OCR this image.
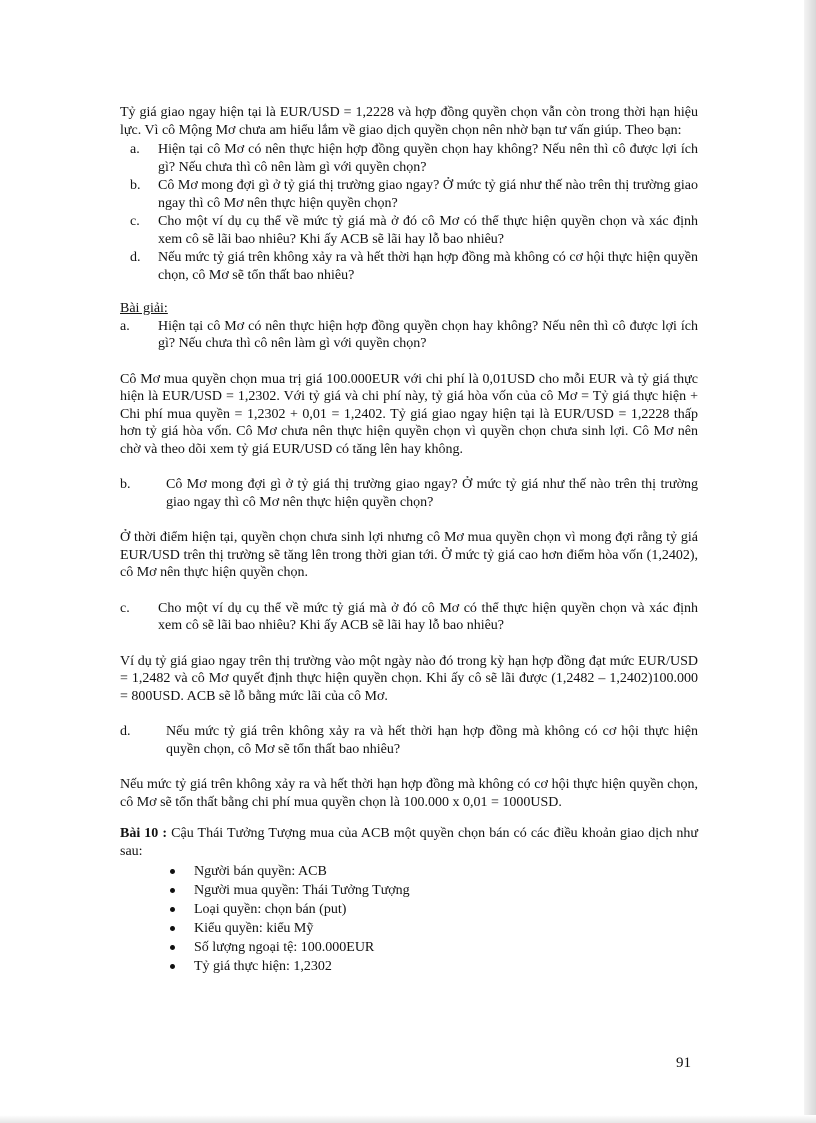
Tỷ giá giao ngay hiện tại là EUR/USD = 1,2228 và hợp đồng quyền chọn vẫn còn trong thời hạn hiệu lực. Vì cô Mộng Mơ chưa am hiểu lắm về giao dịch quyền chọn nên nhờ bạn tư vấn giúp. Theo bạn:

a. Hiện tại cô Mơ có nên thực hiện hợp đồng quyền chọn hay không? Nếu nên thì cô được lợi ích gì? Nếu chưa thì cô nên làm gì với quyền chọn?
b. Cô Mơ mong đợi gì ở tỷ giá thị trường giao ngay? Ở mức tỷ giá như thế nào trên thị trường giao ngay thì cô Mơ nên thực hiện quyền chọn?
c. Cho một ví dụ cụ thể về mức tỷ giá mà ở đó cô Mơ có thể thực hiện quyền chọn và xác định xem cô sẽ lãi bao nhiêu? Khi ấy ACB sẽ lãi hay lỗ bao nhiêu?
d. Nếu mức tỷ giá trên không xảy ra và hết thời hạn hợp đồng mà không có cơ hội thực hiện quyền chọn, cô Mơ sẽ tổn thất bao nhiêu?

Bài giải:

a. Hiện tại cô Mơ có nên thực hiện hợp đồng quyền chọn hay không? Nếu nên thì cô được lợi ích gì? Nếu chưa thì cô nên làm gì với quyền chọn?

Cô Mơ mua quyền chọn mua trị giá 100.000EUR với chi phí là 0,01USD cho mỗi EUR và tỷ giá thực hiện là EUR/USD = 1,2302. Với tỷ giá và chi phí này, tỷ giá hòa vốn của cô Mơ = Tỷ giá thực hiện + Chi phí mua quyền = 1,2302 + 0,01 = 1,2402. Tỷ giá giao ngay hiện tại là EUR/USD = 1,2228 thấp hơn tỷ giá hòa vốn. Cô Mơ chưa nên thực hiện quyền chọn vì quyền chọn chưa sinh lợi. Cô Mơ nên chờ và theo dõi xem tỷ giá EUR/USD có tăng lên hay không.

b.	Cô Mơ mong đợi gì ở tỷ giá thị trường giao ngay? Ở mức tỷ giá như thế nào trên thị trường giao ngay thì cô Mơ nên thực hiện quyền chọn?

Ở thời điểm hiện tại, quyền chọn chưa sinh lợi nhưng cô Mơ mua quyền chọn vì mong đợi rằng tỷ giá EUR/USD trên thị trường sẽ tăng lên trong thời gian tới. Ở mức tỷ giá cao hơn điểm hòa vốn (1,2402), cô Mơ nên thực hiện quyền chọn.

c. Cho một ví dụ cụ thể về mức tỷ giá mà ở đó cô Mơ có thể thực hiện quyền chọn và xác định xem cô sẽ lãi bao nhiêu? Khi ấy ACB sẽ lãi hay lỗ bao nhiêu?

Ví dụ tỷ giá giao ngay trên thị trường vào một ngày nào đó trong kỳ hạn hợp đồng đạt mức EUR/USD = 1,2482 và cô Mơ quyết định thực hiện quyền chọn. Khi ấy cô sẽ lãi được (1,2482 – 1,2402)100.000 = 800USD. ACB sẽ lỗ bằng mức lãi của cô Mơ.

d.	Nếu mức tỷ giá trên không xảy ra và hết thời hạn hợp đồng mà không có cơ hội thực hiện quyền chọn, cô Mơ sẽ tổn thất bao nhiêu?

Nếu mức tỷ giá trên không xảy ra và hết thời hạn hợp đồng mà không có cơ hội thực hiện quyền chọn, cô Mơ sẽ tổn thất bằng chi phí mua quyền chọn là 100.000 x 0,01 = 1000USD.

Bài 10 : Cậu Thái Tưởng Tượng mua của ACB một quyền chọn bán có các điều khoản giao dịch như sau:

Người bán quyền: ACB
Người mua quyền: Thái Tưởng Tượng
Loại quyền: chọn bán (put)
Kiểu quyền: kiểu Mỹ
Số lượng ngoại tệ: 100.000EUR
Tỷ giá thực hiện: 1,2302
91
